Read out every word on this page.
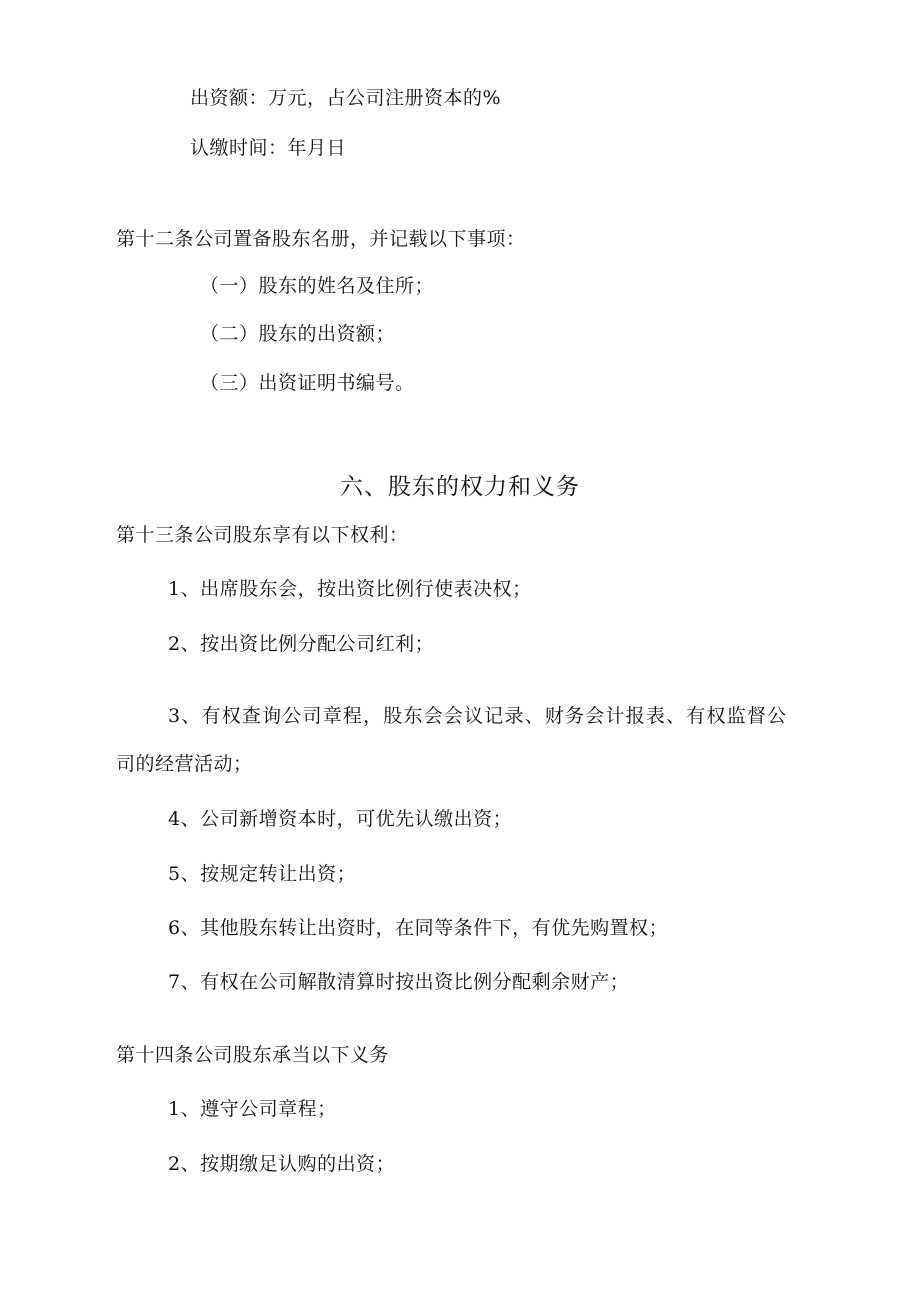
出资额：万元，占公司注册资本的%
认缴时间：年月日
第十二条公司置备股东名册，并记载以下事项：
（一）股东的姓名及住所；
（二）股东的出资额；
（三）出资证明书编号。
六、股东的权力和义务
第十三条公司股东享有以下权利：
1、出席股东会，按出资比例行使表决权；
2、按出资比例分配公司红利；
3、有权查询公司章程，股东会会议记录、财务会计报表、有权监督公
司的经营活动；
4、公司新增资本时，可优先认缴出资；
5、按规定转让出资；
6、其他股东转让出资时，在同等条件下，有优先购置权；
7、有权在公司解散清算时按出资比例分配剩余财产；
第十四条公司股东承当以下义务
1、遵守公司章程；
2、按期缴足认购的出资；
